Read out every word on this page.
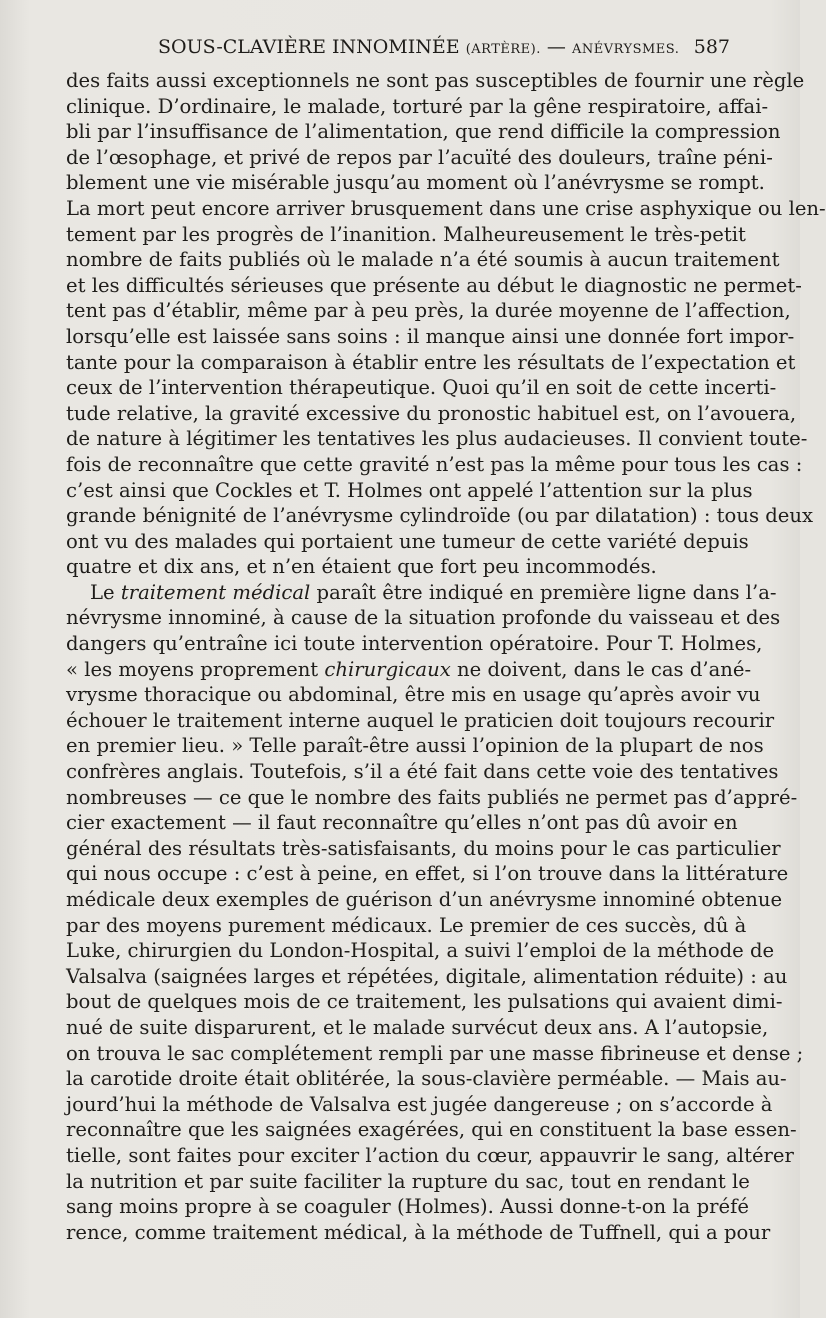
SOUS-CLAVIÈRE INNOMINÉE (ARTÈRE). — ANÉVRYSMES. 587
des faits aussi exceptionnels ne sont pas susceptibles de fournir une règle
clinique. D’ordinaire, le malade, torturé par la gêne respiratoire, affai-
bli par l’insuffisance de l’alimentation, que rend difficile la compression
de l’œsophage, et privé de repos par l’acuïté des douleurs, traîne péni-
blement une vie misérable jusqu’au moment où l’anévrysme se rompt.
La mort peut encore arriver brusquement dans une crise asphyxique ou len-
tement par les progrès de l’inanition. Malheureusement le très-petit
nombre de faits publiés où le malade n’a été soumis à aucun traitement
et les difficultés sérieuses que présente au début le diagnostic ne permet-
tent pas d’établir, même par à peu près, la durée moyenne de l’affection,
lorsqu’elle est laissée sans soins : il manque ainsi une donnée fort impor-
tante pour la comparaison à établir entre les résultats de l’expectation et
ceux de l’intervention thérapeutique. Quoi qu’il en soit de cette incerti-
tude relative, la gravité excessive du pronostic habituel est, on l’avouera,
de nature à légitimer les tentatives les plus audacieuses. Il convient toute-
fois de reconnaître que cette gravité n’est pas la même pour tous les cas :
c’est ainsi que Cockles et T. Holmes ont appelé l’attention sur la plus
grande bénignité de l’anévrysme cylindroïde (ou par dilatation) : tous deux
ont vu des malades qui portaient une tumeur de cette variété depuis
quatre et dix ans, et n’en étaient que fort peu incommodés.
Le traitement médical paraît être indiqué en première ligne dans l’a-
névrysme innominé, à cause de la situation profonde du vaisseau et des
dangers qu’entraîne ici toute intervention opératoire. Pour T. Holmes,
« les moyens proprement chirurgicaux ne doivent, dans le cas d’ané-
vrysme thoracique ou abdominal, être mis en usage qu’après avoir vu
échouer le traitement interne auquel le praticien doit toujours recourir
en premier lieu. » Telle paraît-être aussi l’opinion de la plupart de nos
confrères anglais. Toutefois, s’il a été fait dans cette voie des tentatives
nombreuses — ce que le nombre des faits publiés ne permet pas d’appré-
cier exactement — il faut reconnaître qu’elles n’ont pas dû avoir en
général des résultats très-satisfaisants, du moins pour le cas particulier
qui nous occupe : c’est à peine, en effet, si l’on trouve dans la littérature
médicale deux exemples de guérison d’un anévrysme innominé obtenue
par des moyens purement médicaux. Le premier de ces succès, dû à
Luke, chirurgien du London-Hospital, a suivi l’emploi de la méthode de
Valsalva (saignées larges et répétées, digitale, alimentation réduite) : au
bout de quelques mois de ce traitement, les pulsations qui avaient dimi-
nué de suite disparurent, et le malade survécut deux ans. A l’autopsie,
on trouva le sac complétement rempli par une masse fibrineuse et dense ;
la carotide droite était oblitérée, la sous-clavière perméable. — Mais au-
jourd’hui la méthode de Valsalva est jugée dangereuse ; on s’accorde à
reconnaître que les saignées exagérées, qui en constituent la base essen-
tielle, sont faites pour exciter l’action du cœur, appauvrir le sang, altérer
la nutrition et par suite faciliter la rupture du sac, tout en rendant le
sang moins propre à se coaguler (Holmes). Aussi donne-t-on la préfé
rence, comme traitement médical, à la méthode de Tuffnell, qui a pour
